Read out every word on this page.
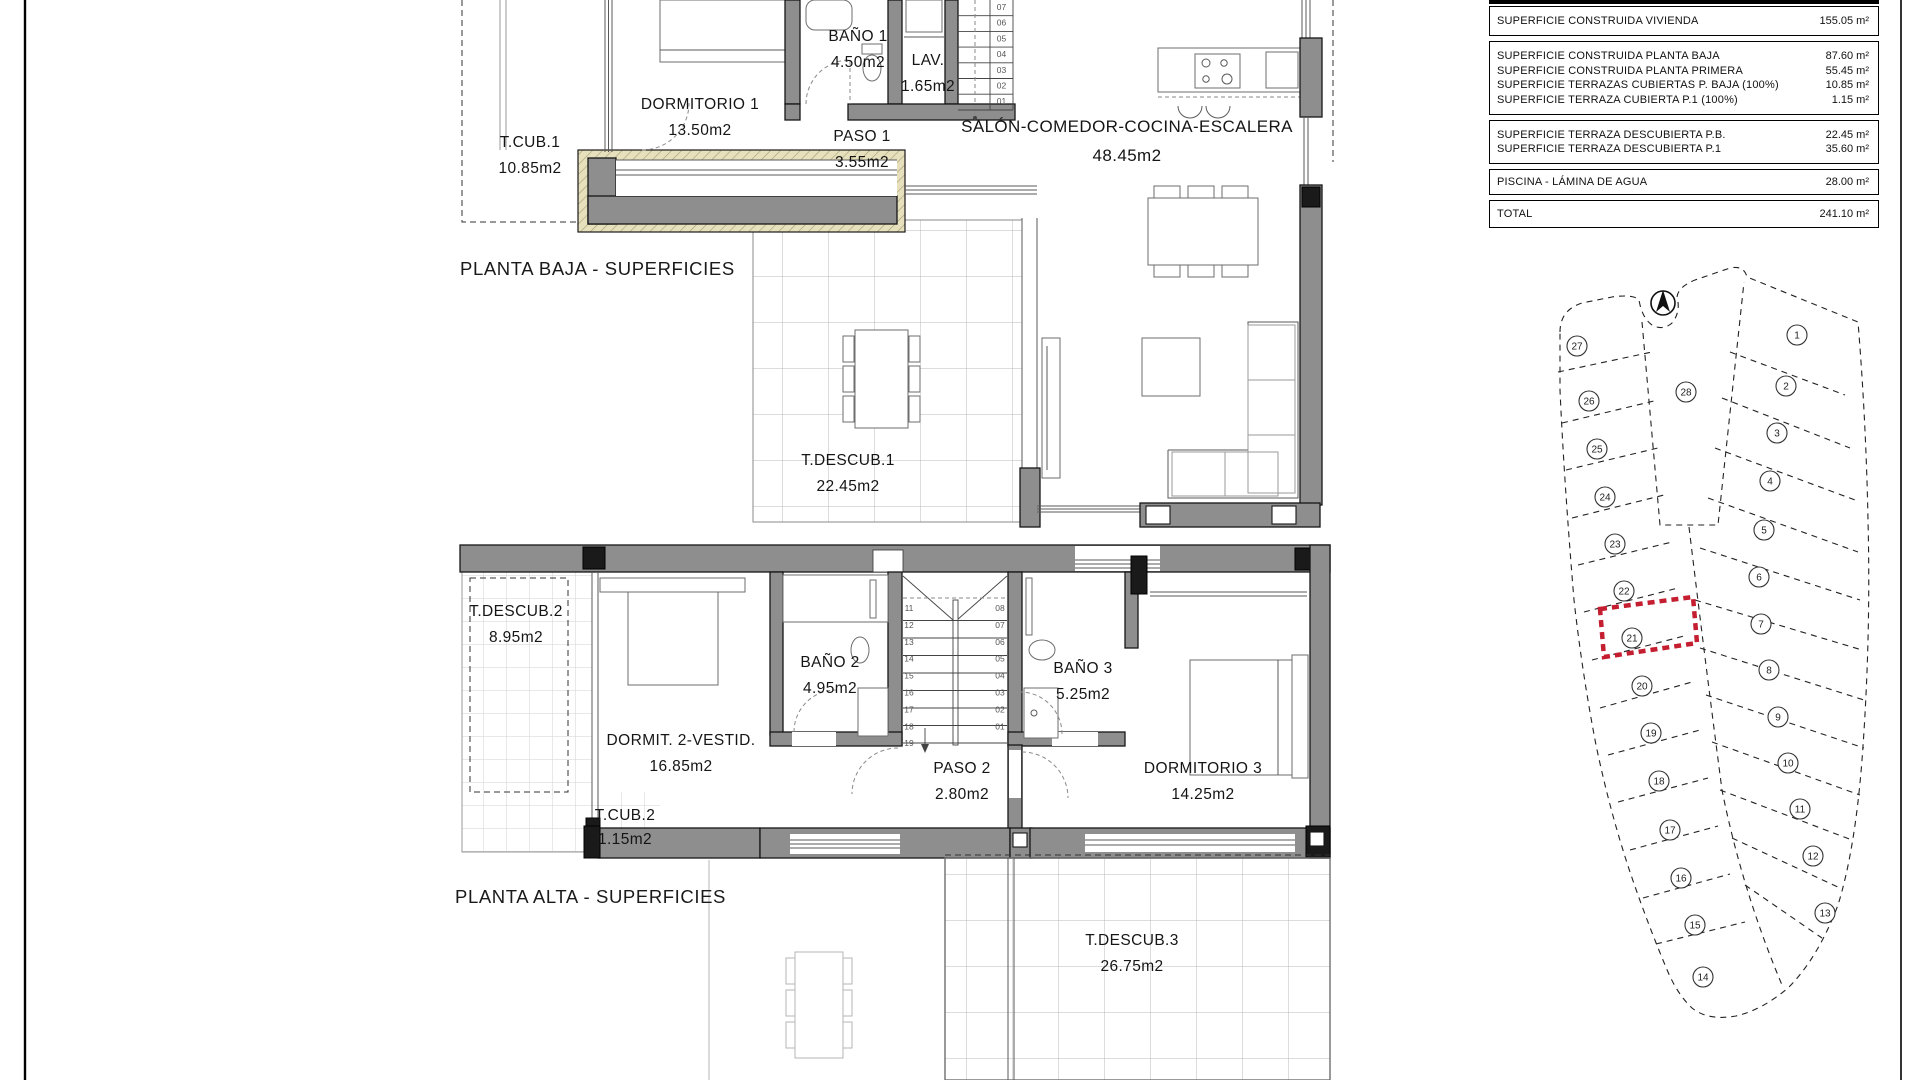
27
26
25
24
23
22
21
20
19
18
17
16
15
14
28
1
2
3
4
5
6
7
8
9
10
11
12
13
07
06
05
04
03
02
01
11
12
13
14
15
16
17
18
19
08
07
06
05
04
03
02
01
DORMITORIO 1
13.50m2
BAÑO 1
4.50m2	LAV.
1.65m2
PASO 1
3.55m2
T.CUB.1
10.85m2
SALÓN-COMEDOR-COCINA-ESCALERA
48.45m2
T.DESCUB.1
22.45m2
PLANTA BAJA - SUPERFICIES
T.DESCUB.2
8.95m2
DORMIT. 2-VESTID.
16.85m2
BAÑO 2
4.95m2
T.CUB.2
1.15m2
PASO 2
2.80m2
BAÑO 3
5.25m2
DORMITORIO 3
14.25m2
T.DESCUB.3
26.75m2
PLANTA ALTA - SUPERFICIES
SUPERFICIE CONSTRUIDA VIVIENDA	155.05 m²
SUPERFICIE CONSTRUIDA PLANTA BAJA	87.60 m²
SUPERFICIE CONSTRUIDA PLANTA PRIMERA	55.45 m²
SUPERFICIE TERRAZAS CUBIERTAS P. BAJA (100%)	10.85 m²
SUPERFICIE TERRAZA CUBIERTA P.1 (100%)	1.15 m²
SUPERFICIE TERRAZA DESCUBIERTA P.B.	22.45 m²
SUPERFICIE TERRAZA DESCUBIERTA P.1	35.60 m²
PISCINA - LÁMINA DE AGUA	28.00 m²
TOTAL	241.10 m²
